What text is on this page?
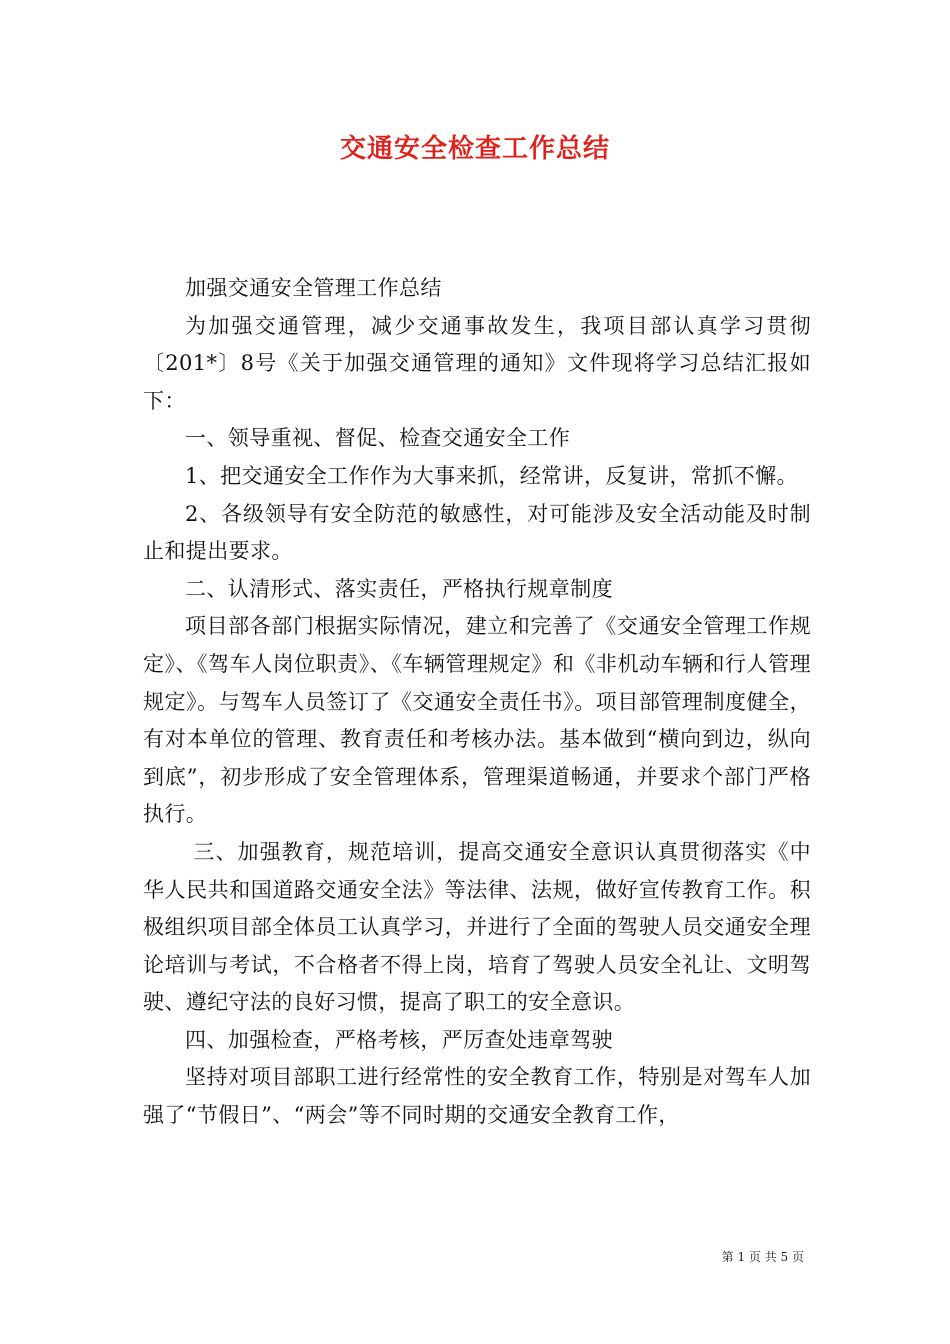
交通安全检查工作总结

加强交通安全管理工作总结

为加强交通管理，减少交通事故发生，我项目部认真学习贯彻〔201*〕8号《关于加强交通管理的通知》文件现将学习总结汇报如下：

一、领导重视、督促、检查交通安全工作

1、把交通安全工作作为大事来抓，经常讲，反复讲，常抓不懈。

2、各级领导有安全防范的敏感性，对可能涉及安全活动能及时制止和提出要求。

二、认清形式、落实责任，严格执行规章制度

项目部各部门根据实际情况，建立和完善了《交通安全管理工作规定》、《驾车人岗位职责》、《车辆管理规定》和《非机动车辆和行人管理规定》。与驾车人员签订了《交通安全责任书》。项目部管理制度健全，有对本单位的管理、教育责任和考核办法。基本做到“横向到边，纵向到底”，初步形成了安全管理体系，管理渠道畅通，并要求个部门严格执行。

三、加强教育，规范培训，提高交通安全意识认真贯彻落实《中华人民共和国道路交通安全法》等法律、法规，做好宣传教育工作。积极组织项目部全体员工认真学习，并进行了全面的驾驶人员交通安全理论培训与考试，不合格者不得上岗，培育了驾驶人员安全礼让、文明驾驶、遵纪守法的良好习惯，提高了职工的安全意识。

四、加强检查，严格考核，严厉查处违章驾驶

坚持对项目部职工进行经常性的安全教育工作，特别是对驾车人加强了“节假日”、“两会”等不同时期的交通安全教育工作，

第 1 页 共 5 页
